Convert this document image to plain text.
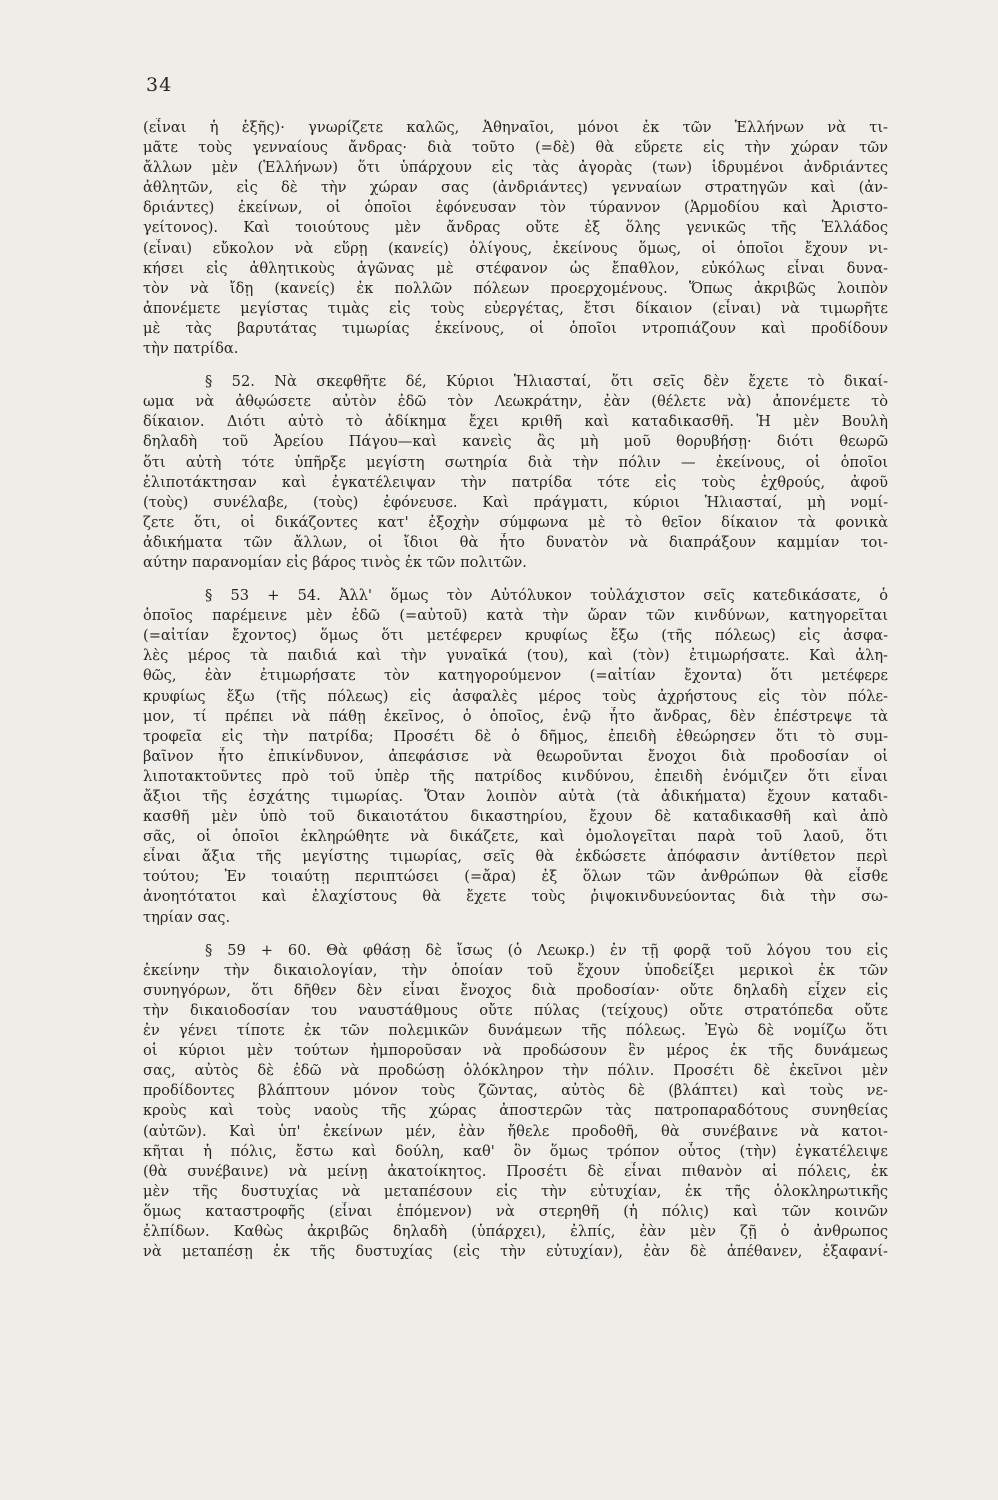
34
(εἶναι ἡ ἑξῆς)· γνωρίζετε καλῶς, Ἀθηναῖοι, μόνοι ἐκ τῶν Ἑλλήνων νὰ τι-
μᾶτε τοὺς γενναίους ἄνδρας· διὰ τοῦτο (=δὲ) θὰ εὕρετε εἰς τὴν χώραν τῶν
ἄλλων μὲν (Ἑλλήνων) ὅτι ὑπάρχουν εἰς τὰς ἀγορὰς (των) ἱδρυμένοι ἀνδριάντες
ἀθλητῶν, εἰς δὲ τὴν χώραν σας (ἀνδριάντες) γενναίων στρατηγῶν καὶ (ἀν-
δριάντες) ἐκείνων, οἱ ὁποῖοι ἐφόνευσαν τὸν τύραννον (Ἁρμοδίου καὶ Ἀριστο-
γείτονος). Καὶ τοιούτους μὲν ἄνδρας οὔτε ἐξ ὅλης γενικῶς τῆς Ἑλλάδος
(εἶναι) εὔκολον νὰ εὕρῃ (κανείς) ὀλίγους, ἐκείνους ὅμως, οἱ ὁποῖοι ἔχουν νι-
κήσει εἰς ἀθλητικοὺς ἀγῶνας μὲ στέφανον ὡς ἔπαθλον, εὐκόλως εἶναι δυνα-
τὸν νὰ ἴδῃ (κανείς) ἐκ πολλῶν πόλεων προερχομένους. Ὅπως ἀκριβῶς λοιπὸν
ἀπονέμετε μεγίστας τιμὰς εἰς τοὺς εὐεργέτας, ἔτσι δίκαιον (εἶναι) νὰ τιμωρῆτε
μὲ τὰς βαρυτάτας τιμωρίας ἐκείνους, οἱ ὁποῖοι ντροπιάζουν καὶ προδίδουν
τὴν πατρίδα.
§ 52. Νὰ σκεφθῆτε δέ, Κύριοι Ἡλιασταί, ὅτι σεῖς δὲν ἔχετε τὸ δικαί-
ωμα νὰ ἀθῳώσετε αὐτὸν ἐδῶ τὸν Λεωκράτην, ἐὰν (θέλετε νὰ) ἀπονέμετε τὸ
δίκαιον. Διότι αὐτὸ τὸ ἀδίκημα ἔχει κριθῆ καὶ καταδικασθῆ. Ἡ μὲν Βουλὴ
δηλαδὴ τοῦ Ἀρείου Πάγου—καὶ κανεὶς ἂς μὴ μοῦ θορυβήσῃ· διότι θεωρῶ
ὅτι αὐτὴ τότε ὑπῆρξε μεγίστη σωτηρία διὰ τὴν πόλιν — ἐκείνους, οἱ ὁποῖοι
ἐλιποτάκτησαν καὶ ἐγκατέλειψαν τὴν πατρίδα τότε εἰς τοὺς ἐχθρούς, ἀφοῦ
(τοὺς) συνέλαβε, (τοὺς) ἐφόνευσε. Καὶ πράγματι, κύριοι Ἡλιασταί, μὴ νομί-
ζετε ὅτι, οἱ δικάζοντες κατ' ἐξοχὴν σύμφωνα μὲ τὸ θεῖον δίκαιον τὰ φονικὰ
ἀδικήματα τῶν ἄλλων, οἱ ἴδιοι θὰ ἦτο δυνατὸν νὰ διαπράξουν καμμίαν τοι-
αύτην παρανομίαν εἰς βάρος τινὸς ἐκ τῶν πολιτῶν.
§ 53 + 54. Ἀλλ' ὅμως τὸν Αὐτόλυκον τοὐλάχιστον σεῖς κατεδικάσατε, ὁ
ὁποῖος παρέμεινε μὲν ἐδῶ (=αὐτοῦ) κατὰ τὴν ὥραν τῶν κινδύνων, κατηγορεῖται
(=αἰτίαν ἔχοντος) ὅμως ὅτι μετέφερεν κρυφίως ἔξω (τῆς πόλεως) εἰς ἀσφα-
λὲς μέρος τὰ παιδιά καὶ τὴν γυναῖκά (του), καὶ (τὸν) ἐτιμωρήσατε. Καὶ ἀλη-
θῶς, ἐὰν ἐτιμωρήσατε τὸν κατηγορούμενον (=αἰτίαν ἔχοντα) ὅτι μετέφερε
κρυφίως ἔξω (τῆς πόλεως) εἰς ἀσφαλὲς μέρος τοὺς ἀχρήστους εἰς τὸν πόλε-
μον, τί πρέπει νὰ πάθῃ ἐκεῖνος, ὁ ὁποῖος, ἐνῷ ἦτο ἄνδρας, δὲν ἐπέστρεψε τὰ
τροφεῖα εἰς τὴν πατρίδα; Προσέτι δὲ ὁ δῆμος, ἐπειδὴ ἐθεώρησεν ὅτι τὸ συμ-
βαῖνον ἦτο ἐπικίνδυνον, ἀπεφάσισε νὰ θεωροῦνται ἔνοχοι διὰ προδοσίαν οἱ
λιποτακτοῦντες πρὸ τοῦ ὑπὲρ τῆς πατρίδος κινδύνου, ἐπειδὴ ἐνόμιζεν ὅτι εἶναι
ἄξιοι τῆς ἐσχάτης τιμωρίας. Ὅταν λοιπὸν αὐτὰ (τὰ ἀδικήματα) ἔχουν καταδι-
κασθῆ μὲν ὑπὸ τοῦ δικαιοτάτου δικαστηρίου, ἔχουν δὲ καταδικασθῆ καὶ ἀπὸ
σᾶς, οἱ ὁποῖοι ἐκληρώθητε νὰ δικάζετε, καὶ ὁμολογεῖται παρὰ τοῦ λαοῦ, ὅτι
εἶναι ἄξια τῆς μεγίστης τιμωρίας, σεῖς θὰ ἐκδώσετε ἀπόφασιν ἀντίθετον περὶ
τούτου; Ἐν τοιαύτῃ περιπτώσει (=ἄρα) ἐξ ὅλων τῶν ἀνθρώπων θὰ εἶσθε
ἀνοητότατοι καὶ ἐλαχίστους θὰ ἔχετε τοὺς ῥιψοκινδυνεύοντας διὰ τὴν σω-
τηρίαν σας.
§ 59 + 60. Θὰ φθάσῃ δὲ ἴσως (ὁ Λεωκρ.) ἐν τῇ φορᾷ τοῦ λόγου του εἰς
ἐκείνην τὴν δικαιολογίαν, τὴν ὁποίαν τοῦ ἔχουν ὑποδείξει μερικοὶ ἐκ τῶν
συνηγόρων, ὅτι δῆθεν δὲν εἶναι ἔνοχος διὰ προδοσίαν· οὔτε δηλαδὴ εἶχεν εἰς
τὴν δικαιοδοσίαν του ναυστάθμους οὔτε πύλας (τείχους) οὔτε στρατόπεδα οὔτε
ἐν γένει τίποτε ἐκ τῶν πολεμικῶν δυνάμεων τῆς πόλεως. Ἐγὼ δὲ νομίζω ὅτι
οἱ κύριοι μὲν τούτων ἠμποροῦσαν νὰ προδώσουν ἓν μέρος ἐκ τῆς δυνάμεως
σας, αὐτὸς δὲ ἐδῶ νὰ προδώσῃ ὁλόκληρον τὴν πόλιν. Προσέτι δὲ ἐκεῖνοι μὲν
προδίδοντες βλάπτουν μόνον τοὺς ζῶντας, αὐτὸς δὲ (βλάπτει) καὶ τοὺς νε-
κροὺς καὶ τοὺς ναοὺς τῆς χώρας ἀποστερῶν τὰς πατροπαραδότους συνηθείας
(αὐτῶν). Καὶ ὑπ' ἐκείνων μέν, ἐὰν ἤθελε προδοθῆ, θὰ συνέβαινε νὰ κατοι-
κῆται ἡ πόλις, ἔστω καὶ δούλη, καθ' ὃν ὅμως τρόπον οὗτος (τὴν) ἐγκατέλειψε
(θὰ συνέβαινε) νὰ μείνῃ ἀκατοίκητος. Προσέτι δὲ εἶναι πιθανὸν αἱ πόλεις, ἐκ
μὲν τῆς δυστυχίας νὰ μεταπέσουν εἰς τὴν εὐτυχίαν, ἐκ τῆς ὁλοκληρωτικῆς
ὅμως καταστροφῆς (εἶναι ἑπόμενον) νὰ στερηθῆ (ἡ πόλις) καὶ τῶν κοινῶν
ἐλπίδων. Καθὼς ἀκριβῶς δηλαδὴ (ὑπάρχει), ἐλπίς, ἐὰν μὲν ζῇ ὁ ἀνθρωπος
νὰ μεταπέσῃ ἐκ τῆς δυστυχίας (εἰς τὴν εὐτυχίαν), ἐὰν δὲ ἀπέθανεν, ἐξαφανί-
